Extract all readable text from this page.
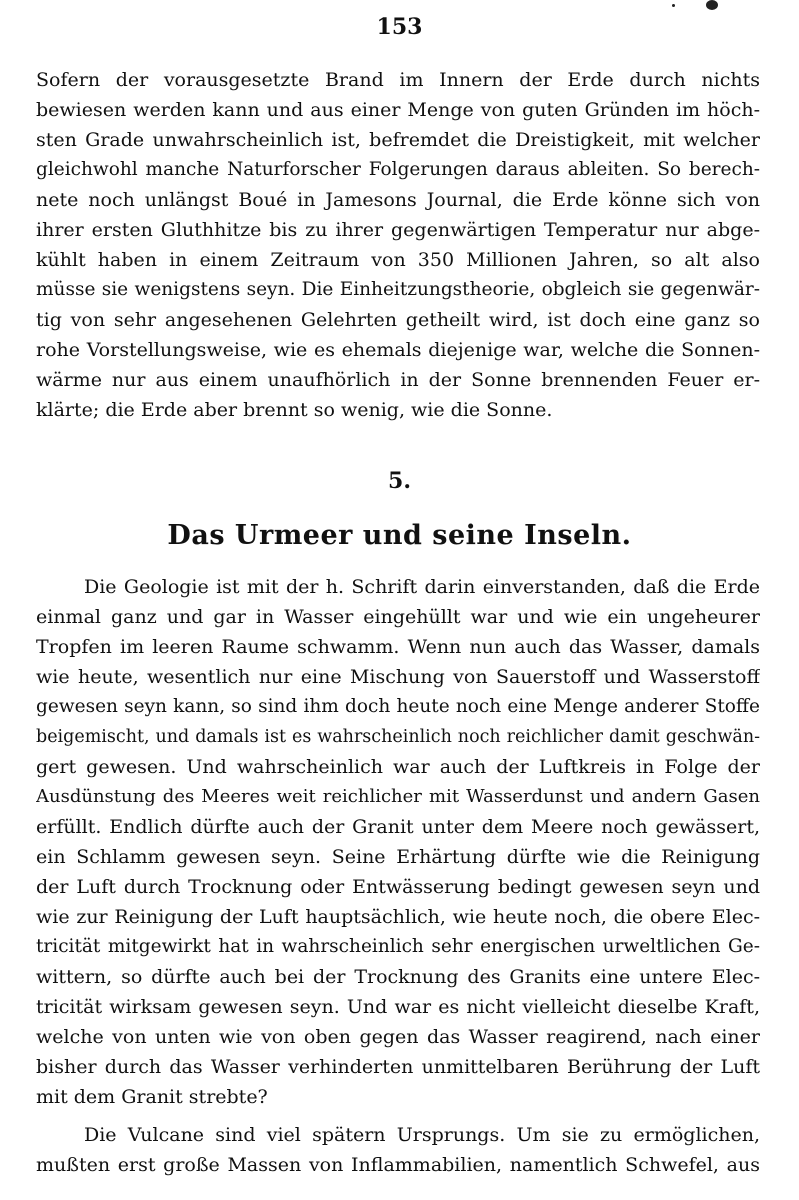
153
Sofern der vorausgesetzte Brand im Innern der Erde durch nichts
bewiesen werden kann und aus einer Menge von guten Gründen im höch-
sten Grade unwahrscheinlich ist, befremdet die Dreistigkeit, mit welcher
gleichwohl manche Naturforscher Folgerungen daraus ableiten. So berech-
nete noch unlängst Boué in Jamesons Journal, die Erde könne sich von
ihrer ersten Gluthhitze bis zu ihrer gegenwärtigen Temperatur nur abge-
kühlt haben in einem Zeitraum von 350 Millionen Jahren, so alt also
müsse sie wenigstens seyn. Die Einheitzungstheorie, obgleich sie gegenwär-
tig von sehr angesehenen Gelehrten getheilt wird, ist doch eine ganz so
rohe Vorstellungsweise, wie es ehemals diejenige war, welche die Sonnen-
wärme nur aus einem unaufhörlich in der Sonne brennenden Feuer er-
klärte; die Erde aber brennt so wenig, wie die Sonne.
5.
Das Urmeer und seine Inseln.
Die Geologie ist mit der h. Schrift darin einverstanden, daß die Erde
einmal ganz und gar in Wasser eingehüllt war und wie ein ungeheurer
Tropfen im leeren Raume schwamm. Wenn nun auch das Wasser, damals
wie heute, wesentlich nur eine Mischung von Sauerstoff und Wasserstoff
gewesen seyn kann, so sind ihm doch heute noch eine Menge anderer Stoffe
beigemischt, und damals ist es wahrscheinlich noch reichlicher damit geschwän-
gert gewesen. Und wahrscheinlich war auch der Luftkreis in Folge der
Ausdünstung des Meeres weit reichlicher mit Wasserdunst und andern Gasen
erfüllt. Endlich dürfte auch der Granit unter dem Meere noch gewässert,
ein Schlamm gewesen seyn. Seine Erhärtung dürfte wie die Reinigung
der Luft durch Trocknung oder Entwässerung bedingt gewesen seyn und
wie zur Reinigung der Luft hauptsächlich, wie heute noch, die obere Elec-
tricität mitgewirkt hat in wahrscheinlich sehr energischen urweltlichen Ge-
wittern, so dürfte auch bei der Trocknung des Granits eine untere Elec-
tricität wirksam gewesen seyn. Und war es nicht vielleicht dieselbe Kraft,
welche von unten wie von oben gegen das Wasser reagirend, nach einer
bisher durch das Wasser verhinderten unmittelbaren Berührung der Luft
mit dem Granit strebte?
Die Vulcane sind viel spätern Ursprungs. Um sie zu ermöglichen,
mußten erst große Massen von Inflammabilien, namentlich Schwefel, aus
